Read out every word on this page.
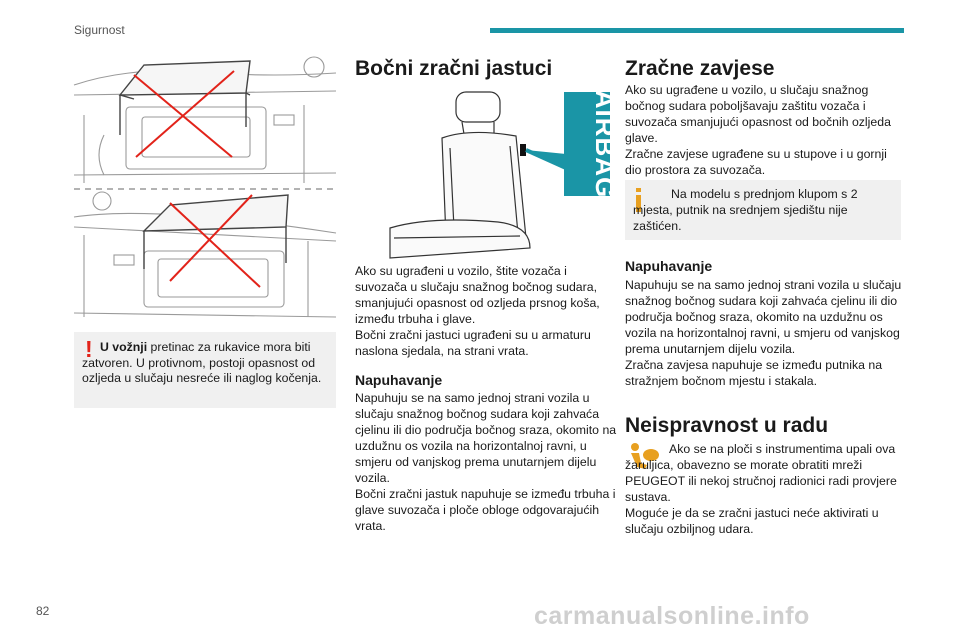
Sigurnost
! U vožnji pretinac za rukavice mora biti zatvoren. U protivnom, postoji opasnost od ozljeda u slučaju nesreće ili naglog kočenja.

Bočni zračni jastuci
AIRBAG

Ako su ugrađeni u vozilo, štite vozača i suvozača u slučaju snažnog bočnog sudara, smanjujući opasnost od ozljeda prsnog koša, između trbuha i glave.
Bočni zračni jastuci ugrađeni su u armaturu naslona sjedala, na strani vrata.

Napuhavanje

Napuhuju se na samo jednoj strani vozila u slučaju snažnog bočnog sudara koji zahvaća cjelinu ili dio područja bočnog sraza, okomito na uzdužnu os vozila na horizontalnoj ravni, u smjeru od vanjskog prema unutarnjem dijelu vozila.
Bočni zračni jastuk napuhuje se između trbuha i glave suvozača i ploče obloge odgovarajućih vrata.

Zračne zavjese

Ako su ugrađene u vozilo, u slučaju snažnog bočnog sudara poboljšavaju zaštitu vozača i suvozača smanjujući opasnost od bočnih ozljeda glave.
Zračne zavjese ugrađene su u stupove i u gornji dio prostora za suvozača.

Na modelu s prednjom klupom s 2 mjesta, putnik na srednjem sjedištu nije zaštićen.

Napuhavanje

Napuhuju se na samo jednoj strani vozila u slučaju snažnog bočnog sudara koji zahvaća cjelinu ili dio područja bočnog sraza, okomito na uzdužnu os vozila na horizontalnoj ravni, u smjeru od vanjskog prema unutarnjem dijelu vozila.
Zračna zavjesa napuhuje se između putnika na stražnjem bočnom mjestu i stakala.

Neispravnost u radu

Ako se na ploči s instrumentima upali ova žaruljica, obavezno se morate obratiti mreži PEUGEOT ili nekoj stručnoj radionici radi provjere sustava.
Moguće je da se zračni jastuci neće aktivirati u slučaju ozbiljnog udara.

82	carmanualsonline.info
